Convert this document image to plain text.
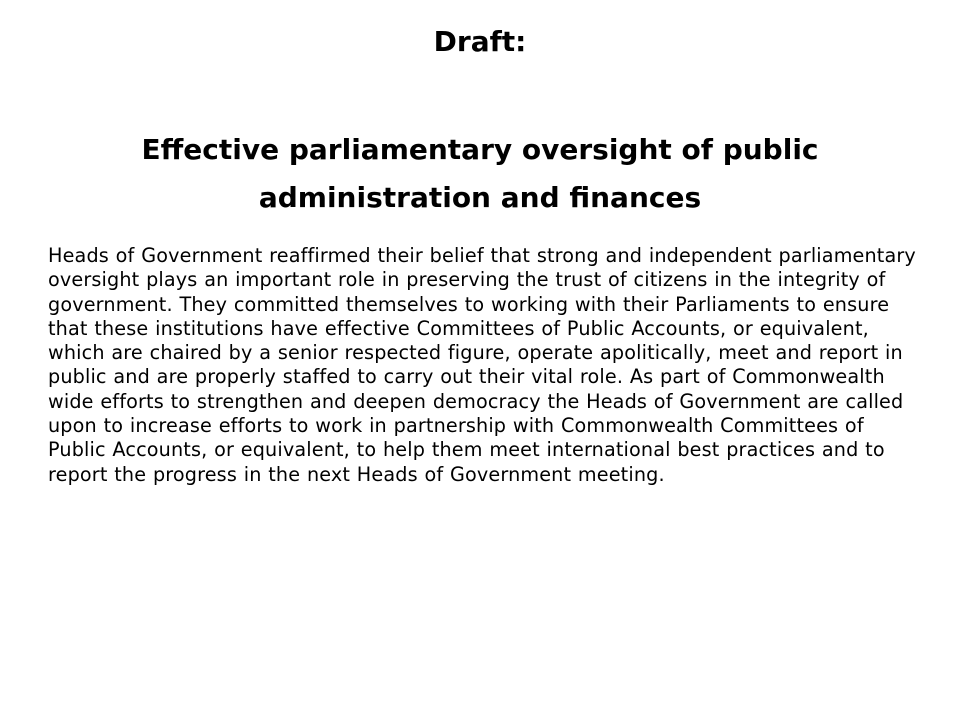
Draft:
Effective parliamentary oversight of public administration and finances

Heads of Government reaffirmed their belief that strong and independent parliamentary oversight plays an important role in preserving the trust of citizens in the integrity of government. They committed themselves to working with their Parliaments to ensure that these institutions have effective Committees of Public Accounts, or equivalent, which are chaired by a senior respected figure, operate apolitically, meet and report in public and are properly staffed to carry out their vital role. As part of Commonwealth wide efforts to strengthen and deepen democracy the Heads of Government are called upon to increase efforts to work in partnership with Commonwealth Committees of Public Accounts, or equivalent, to help them meet international best practices and to report the progress in the next Heads of Government meeting.
